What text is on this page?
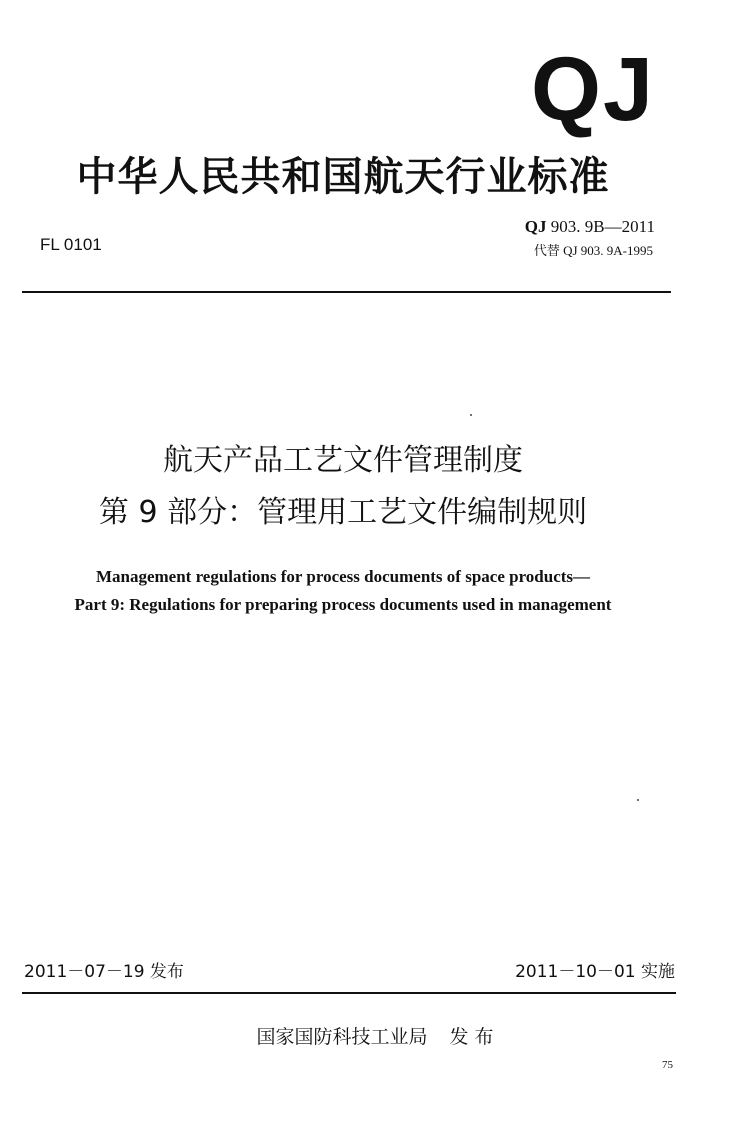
QJ
中华人民共和国航天行业标准
FL 0101
QJ 903. 9B—2011
代替 QJ 903. 9A-1995
航天产品工艺文件管理制度
第 9 部分：管理用工艺文件编制规则
Management regulations for process documents of space products—
Part 9: Regulations for preparing process documents used in management
2011－07－19 发布	2011－10－01 实施
国家国防科技工业局 发 布
75
